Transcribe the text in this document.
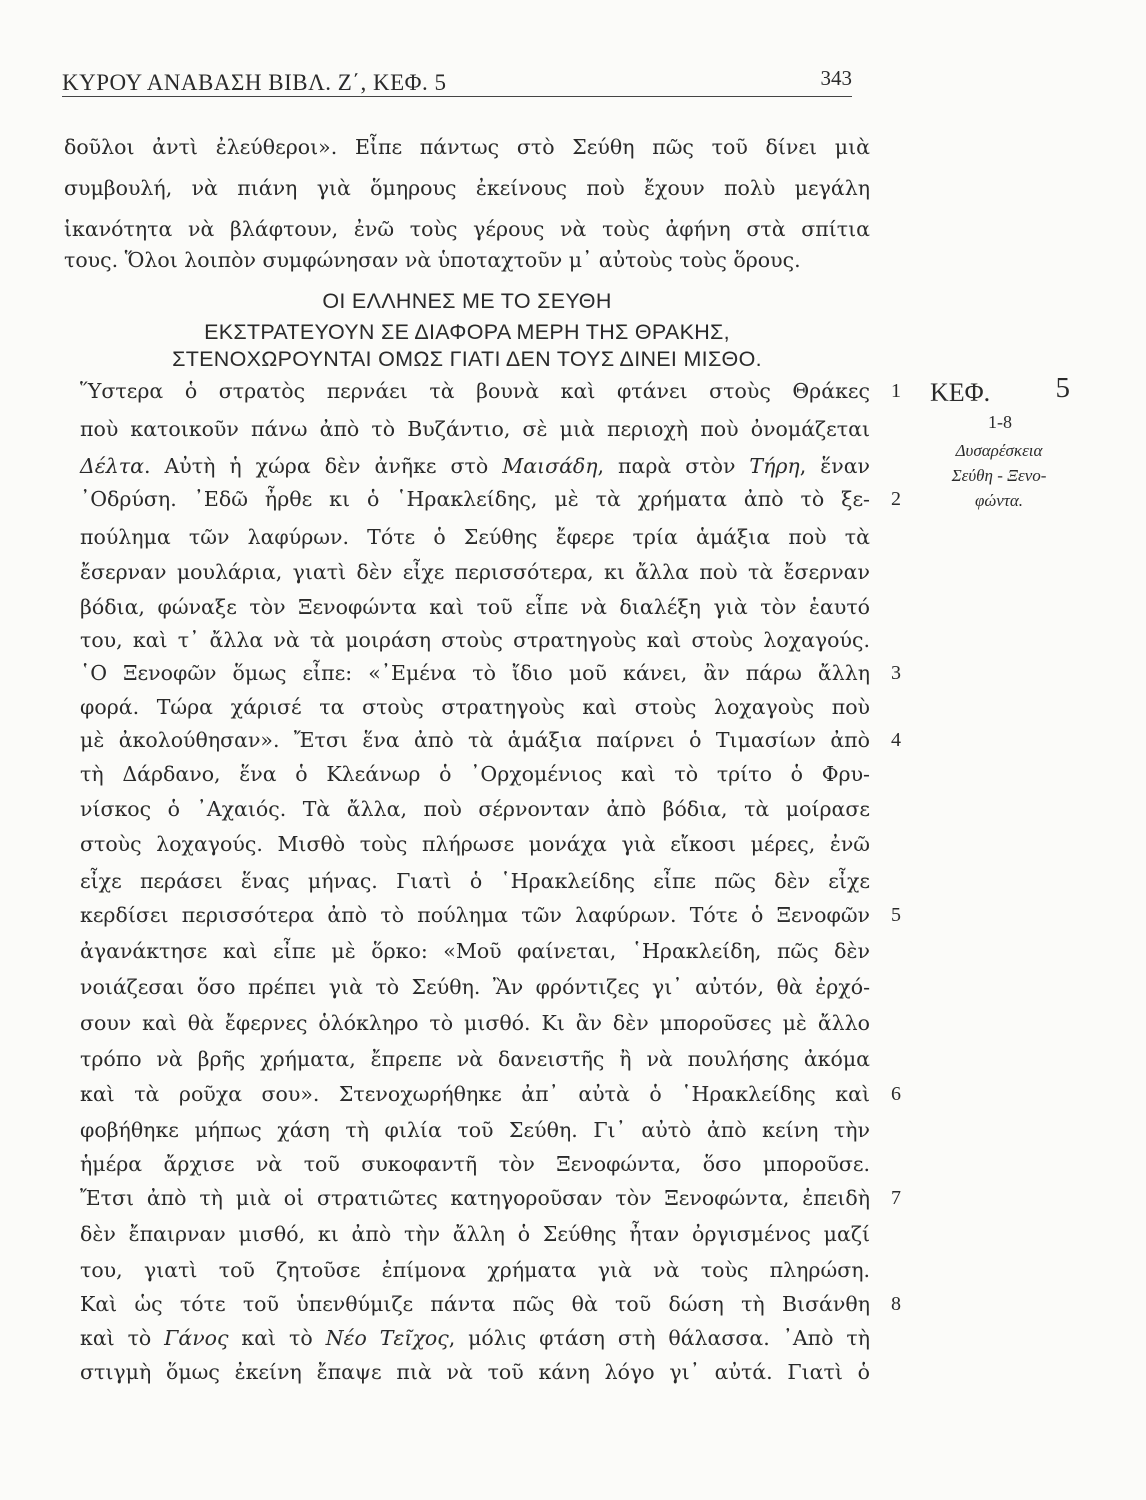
ΚΥΡΟΥ ΑΝΑΒΑΣΗ ΒΙΒΛ. Ζ΄, ΚΕΦ. 5	343
δοῦλοι ἀντὶ ἐλεύθεροι». Εἶπε πάντως στὸ Σεύθη πῶς τοῦ δίνει μιὰ
συμβουλή, νὰ πιάνη γιὰ ὅμηρους ἐκείνους ποὺ ἔχουν πολὺ μεγάλη
ἱκανότητα νὰ βλάφτουν, ἐνῶ τοὺς γέρους νὰ τοὺς ἀφήνη στὰ σπίτια
τους. Ὅλοι λοιπὸν συμφώνησαν νὰ ὑποταχτοῦν μ᾿ αὐτοὺς τοὺς ὅρους.
ΟΙ ΕΛΛΗΝΕΣ ΜΕ ΤΟ ΣΕΥΘΗ
ΕΚΣΤΡΑΤΕΥΟΥΝ ΣΕ ΔΙΑΦΟΡΑ ΜΕΡΗ ΤΗΣ ΘΡΑΚΗΣ,
ΣΤΕΝΟΧΩΡΟΥΝΤΑΙ ΟΜΩΣ ΓΙΑΤΙ ΔΕΝ ΤΟΥΣ ΔΙΝΕΙ ΜΙΣΘΟ.
Ὕστερα ὁ στρατὸς περνάει τὰ βουνὰ καὶ φτάνει στοὺς Θράκες
ποὺ κατοικοῦν πάνω ἀπὸ τὸ Βυζάντιο, σὲ μιὰ περιοχὴ ποὺ ὀνομάζεται
Δέλτα. Αὐτὴ ἡ χώρα δὲν ἀνῆκε στὸ Μαισάδη, παρὰ στὸν Τήρη, ἕναν
᾿Οδρύση. ᾿Εδῶ ἦρθε κι ὁ ῾Ηρακλείδης, μὲ τὰ χρήματα ἀπὸ τὸ ξε-
πούλημα τῶν λαφύρων. Τότε ὁ Σεύθης ἔφερε τρία ἁμάξια ποὺ τὰ
ἔσερναν μουλάρια, γιατὶ δὲν εἶχε περισσότερα, κι ἄλλα ποὺ τὰ ἔσερναν
βόδια, φώναξε τὸν Ξενοφώντα καὶ τοῦ εἶπε νὰ διαλέξη γιὰ τὸν ἑαυτό
του, καὶ τ᾿ ἄλλα νὰ τὰ μοιράση στοὺς στρατηγοὺς καὶ στοὺς λοχαγούς.
῾Ο Ξενοφῶν ὅμως εἶπε: «᾿Εμένα τὸ ἴδιο μοῦ κάνει, ἂν πάρω ἄλλη
φορά. Τώρα χάρισέ τα στοὺς στρατηγοὺς καὶ στοὺς λοχαγοὺς ποὺ
μὲ ἀκολούθησαν». Ἔτσι ἕνα ἀπὸ τὰ ἁμάξια παίρνει ὁ Τιμασίων ἀπὸ
τὴ Δάρδανο, ἕνα ὁ Κλεάνωρ ὁ ᾿Ορχομένιος καὶ τὸ τρίτο ὁ Φρυ-
νίσκος ὁ ᾿Αχαιός. Τὰ ἄλλα, ποὺ σέρνονταν ἀπὸ βόδια, τὰ μοίρασε
στοὺς λοχαγούς. Μισθὸ τοὺς πλήρωσε μονάχα γιὰ εἴκοσι μέρες, ἐνῶ
εἶχε περάσει ἕνας μήνας. Γιατὶ ὁ ῾Ηρακλείδης εἶπε πῶς δὲν εἶχε
κερδίσει περισσότερα ἀπὸ τὸ πούλημα τῶν λαφύρων. Τότε ὁ Ξενοφῶν
ἀγανάκτησε καὶ εἶπε μὲ ὅρκο: «Μοῦ φαίνεται, ῾Ηρακλείδη, πῶς δὲν
νοιάζεσαι ὅσο πρέπει γιὰ τὸ Σεύθη. Ἂν φρόντιζες γι᾿ αὐτόν, θὰ ἐρχό-
σουν καὶ θὰ ἔφερνες ὁλόκληρο τὸ μισθό. Κι ἂν δὲν μποροῦσες μὲ ἄλλο
τρόπο νὰ βρῆς χρήματα, ἔπρεπε νὰ δανειστῆς ἢ νὰ πουλήσης ἀκόμα
καὶ τὰ ροῦχα σου». Στενοχωρήθηκε ἀπ᾿ αὐτὰ ὁ ῾Ηρακλείδης καὶ
φοβήθηκε μήπως χάση τὴ φιλία τοῦ Σεύθη. Γι᾿ αὐτὸ ἀπὸ κείνη τὴν
ἡμέρα ἄρχισε νὰ τοῦ συκοφαντῆ τὸν Ξενοφώντα, ὅσο μποροῦσε.
Ἔτσι ἀπὸ τὴ μιὰ οἱ στρατιῶτες κατηγοροῦσαν τὸν Ξενοφώντα, ἐπειδὴ
δὲν ἔπαιρναν μισθό, κι ἀπὸ τὴν ἄλλη ὁ Σεύθης ἦταν ὀργισμένος μαζί
του, γιατὶ τοῦ ζητοῦσε ἐπίμονα χρήματα γιὰ νὰ τοὺς πληρώση.
Καὶ ὡς τότε τοῦ ὑπενθύμιζε πάντα πῶς θὰ τοῦ δώση τὴ Βισάνθη
καὶ τὸ Γάνος καὶ τὸ Νέο Τεῖχος, μόλις φτάση στὴ θάλασσα. ᾿Απὸ τὴ
στιγμὴ ὅμως ἐκείνη ἔπαψε πιὰ νὰ τοῦ κάνη λόγο γι᾿ αὐτά. Γιατὶ ὁ
1
2
3
4
5
6
7
8
ΚΕΦ. 5
1-8
Δυσαρέσκεια
Σεύθη - Ξενο-
φώντα.
